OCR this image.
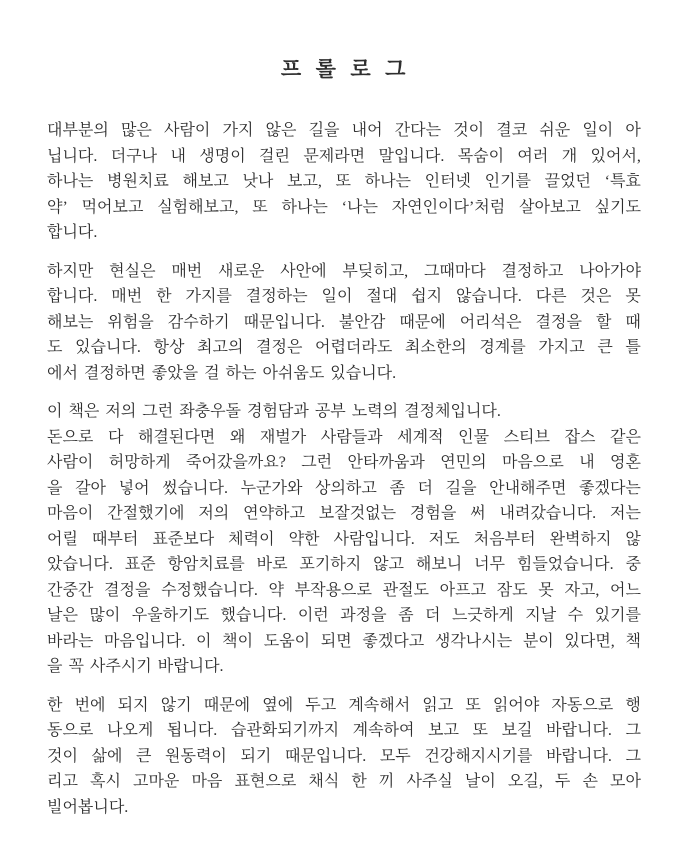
프 롤 로 그
대부분의 많은 사람이 가지 않은 길을 내어 간다는 것이 결코 쉬운 일이 아
닙니다. 더구나 내 생명이 걸린 문제라면 말입니다. 목숨이 여러 개 있어서,
하나는 병원치료 해보고 낫나 보고, 또 하나는 인터넷 인기를 끌었던 ‘특효
약’ 먹어보고 실험해보고, 또 하나는 ‘나는 자연인이다’처럼 살아보고 싶기도
합니다.
하지만 현실은 매번 새로운 사안에 부딪히고, 그때마다 결정하고 나아가야
합니다. 매번 한 가지를 결정하는 일이 절대 쉽지 않습니다. 다른 것은 못
해보는 위험을 감수하기 때문입니다. 불안감 때문에 어리석은 결정을 할 때
도 있습니다. 항상 최고의 결정은 어렵더라도 최소한의 경계를 가지고 큰 틀
에서 결정하면 좋았을 걸 하는 아쉬움도 있습니다.
이 책은 저의 그런 좌충우돌 경험담과 공부 노력의 결정체입니다.
돈으로 다 해결된다면 왜 재벌가 사람들과 세계적 인물 스티브 잡스 같은
사람이 허망하게 죽어갔을까요? 그런 안타까움과 연민의 마음으로 내 영혼
을 갈아 넣어 썼습니다. 누군가와 상의하고 좀 더 길을 안내해주면 좋겠다는
마음이 간절했기에 저의 연약하고 보잘것없는 경험을 써 내려갔습니다. 저는
어릴 때부터 표준보다 체력이 약한 사람입니다. 저도 처음부터 완벽하지 않
았습니다. 표준 항암치료를 바로 포기하지 않고 해보니 너무 힘들었습니다. 중
간중간 결정을 수정했습니다. 약 부작용으로 관절도 아프고 잠도 못 자고, 어느
날은 많이 우울하기도 했습니다. 이런 과정을 좀 더 느긋하게 지날 수 있기를
바라는 마음입니다. 이 책이 도움이 되면 좋겠다고 생각나시는 분이 있다면, 책
을 꼭 사주시기 바랍니다.
한 번에 되지 않기 때문에 옆에 두고 계속해서 읽고 또 읽어야 자동으로 행
동으로 나오게 됩니다. 습관화되기까지 계속하여 보고 또 보길 바랍니다. 그
것이 삶에 큰 원동력이 되기 때문입니다. 모두 건강해지시기를 바랍니다. 그
리고 혹시 고마운 마음 표현으로 채식 한 끼 사주실 날이 오길, 두 손 모아
빌어봅니다.
